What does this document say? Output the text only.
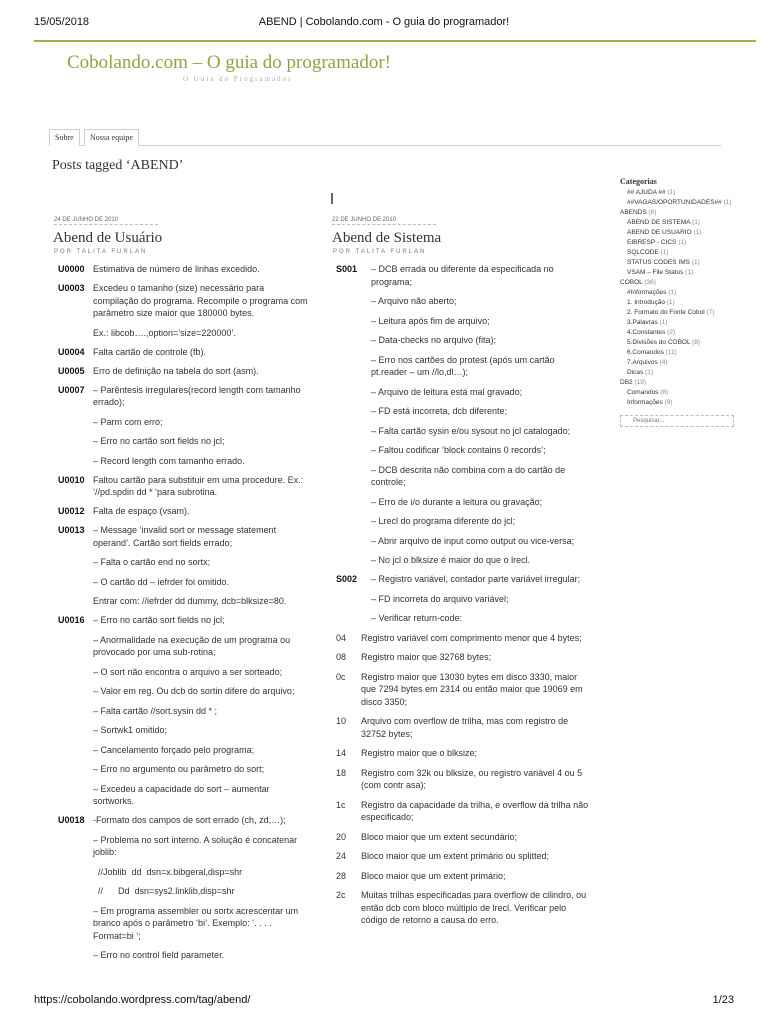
15/05/2018	ABEND | Cobolando.com - O guia do programador!
Cobolando.com – O guia do programador!
O Guia do Programador
Sobre	Nossa equipe
Posts tagged ‘ABEND’
24 DE JUNHO DE 2010
Abend de Usuário
POR TALITA FURLAN
U0000 Estimativa de número de linhas excedido.

U0003 Excedeu o tamanho (size) necessário para compilação do programa. Recompile o programa com parâmetro size maior que 180000 bytes.

Ex.: libcob….,option=’size=220000’.

U0004 Falta cartão de controle (fb).

U0005 Erro de definição na tabela do sort (asm).

U0007 – Parêntesis irregulares(record length com tamanho errado);

– Parm com erro;

– Erro no cartão sort fields no jcl;

– Record length com tamanho errado.

U0010 Faltou cartão para substituir em uma procedure. Ex.: ‘//pd.spdin dd * ‘para subrotina.

U0012 Falta de espaço (vsam).

U0013 – Message ‘invalid sort or message statement operand’. Cartão sort fields errado;

– Falta o cartão end no sortx;

– O cartão dd – iefrder foi omitido.

Entrar com: //iefrder dd dummy, dcb=blksize=80.

U0016 – Erro no cartão sort fields no jcl;

– Anormalidade na execução de um programa ou provocado por uma sub-rotina;

– O sort não encontra o arquivo a ser sorteado;

– Valor em reg. Ou dcb do sortin difere do arquivo;

– Falta cartão //sort.sysin dd * ;

– Sortwk1 omitido;

– Cancelamento forçado pelo programa;

– Erro no argumento ou parâmetro do sort;

– Excedeu a capacidade do sort – aumentar sortworks.

U0018 -Formato dos campos de sort errado (ch, zd,…);

– Problema no sort interno. A solução é concatenar joblib:

//Joblib  dd  dsn=x.bibgeral,disp=shr

//      Dd  dsn=sys2.linklib,disp=shr

– Em programa assembler ou sortx acrescentar um branco após o parâmetro ‘bi’. Exemplo: ‘. . . . Format=bi ‘;

– Erro no control field parameter.

22 DE JUNHO DE 2010
Abend de Sistema
POR TALITA FURLAN
S001	– DCB errada ou diferente da especificada no programa;

– Arquivo não aberto;

– Leitura após fim de arquivo;

– Data-checks no arquivo (fita);

– Erro nos cartões do protest (após um cartão pt.reader – um //lo,dl…);

– Arquivo de leitura está mal gravado;

– FD está incorreta, dcb diferente;

– Falta cartão sysin e/ou sysout no jcl catalogado;

– Faltou codificar ‘block contains 0 records’;

– DCB descrita não combina com a do cartão de controle;

– Erro de i/o durante a leitura ou gravação;

– Lrecl do programa diferente do jcl;

– Abrir arquivo de input como output ou vice-versa;

– No jcl o blksize é maior do que o lrecl.

S002	– Registro variável, contador parte variável irregular;

– FD incorreta do arquivo variável;

– Verificar return-code:

04	Registro variável com comprimento menor que 4 bytes;
08	Registro maior que 32768 bytes;
0c	Registro maior que 13030 bytes em disco 3330, maior que 7294 bytes em 2314 ou então maior que 19069 em disco 3350;
10	Arquivo com overflow de trilha, mas com registro de 32752 bytes;
14	Registro maior que o blksize;
18	Registro com 32k ou blksize, ou registro variável 4 ou 5 (com contr asa);
1c	Registro da capacidade da trilha, e overflow da trilha não especificado;
20	Bloco maior que um extent secundário;
24	Bloco maior que um extent primário ou splitted;
28	Bloco maior que um extent primário;
2c	Muitas trilhas especificadas para overflow de cilindro, ou então dcb com bloco múltiplo de lrecl. Verificar pelo código de retorno a causa do erro.
Categorias
## AJUDA ## (1)
##VAGAS/OPORTUNIDADES## (1)
ABENDS (6)
ABEND DE SISTEMA (1)
ABEND DE USUARIO (1)
EIBRESP - CICS (1)
SQLCODE (1)
STATUS CODES IMS (1)
VSAM – File Status (1)
COBOL (36)
#Informações (1)
1. Introdução (1)
2. Formato do Fonte Cobol (7)
3.Palavras (1)
4.Constantes (2)
5.Divisões do COBOL (8)
6.Comandos (11)
7.Arquivos (4)
Dicas (1)
DB2 (19)
Comandos (8)
Informações (9)
Pesquisar...
https://cobolando.wordpress.com/tag/abend/	1/23
